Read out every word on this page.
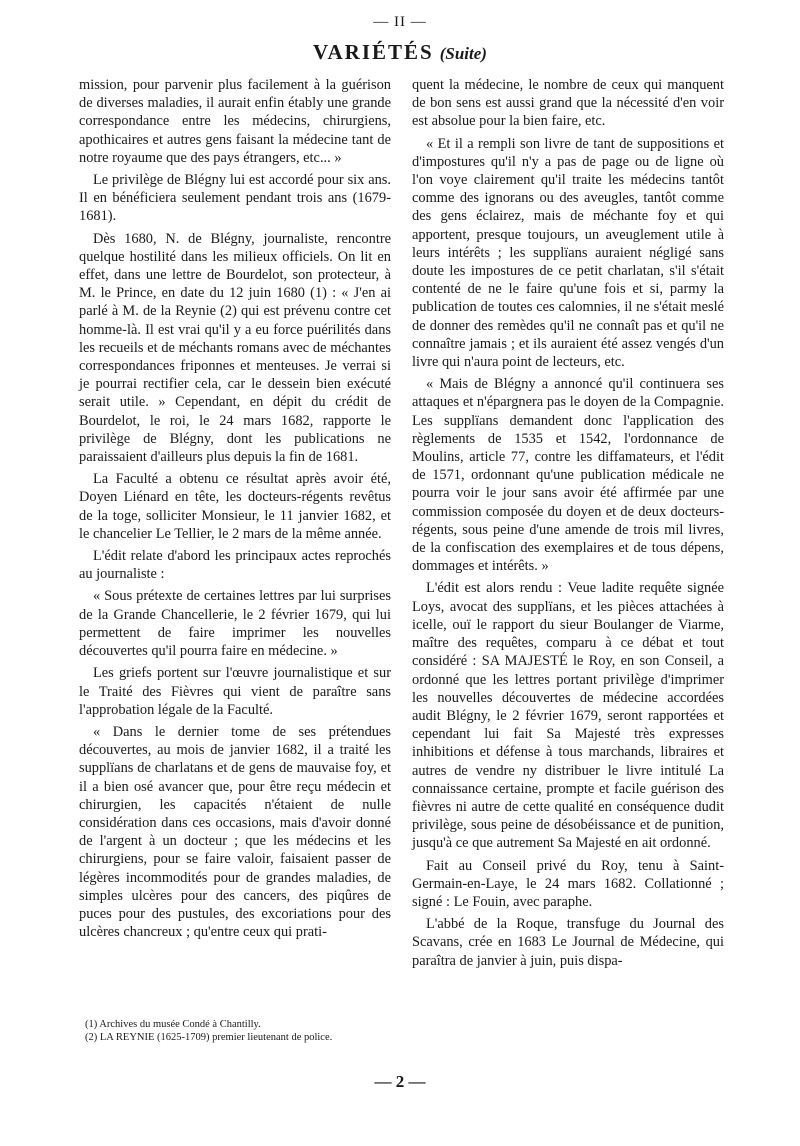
— II —
VARIÉTÉS (Suite)

mission, pour parvenir plus facilement à la guérison de diverses maladies, il aurait enfin étably une grande correspondance entre les médecins, chirurgiens, apothicaires et autres gens faisant la médecine tant de notre royaume que des pays étrangers, etc... »

Le privilège de Blégny lui est accordé pour six ans. Il en bénéficiera seulement pendant trois ans (1679-1681).

Dès 1680, N. de Blégny, journaliste, rencontre quelque hostilité dans les milieux officiels. On lit en effet, dans une lettre de Bourdelot, son protecteur, à M. le Prince, en date du 12 juin 1680 (1) : « J'en ai parlé à M. de la Reynie (2) qui est prévenu contre cet homme-là. Il est vrai qu'il y a eu force puérilités dans les recueils et de méchants romans avec de méchantes correspondances friponnes et menteuses. Je verrai si je pourrai rectifier cela, car le dessein bien exécuté serait utile. » Cependant, en dépit du crédit de Bourdelot, le roi, le 24 mars 1682, rapporte le privilège de Blégny, dont les publications ne paraissaient d'ailleurs plus depuis la fin de 1681.

La Faculté a obtenu ce résultat après avoir été, Doyen Liénard en tête, les docteurs-régents revêtus de la toge, solliciter Monsieur, le 11 janvier 1682, et le chancelier Le Tellier, le 2 mars de la même année.

L'édit relate d'abord les principaux actes reprochés au journaliste :

« Sous prétexte de certaines lettres par lui surprises de la Grande Chancellerie, le 2 février 1679, qui lui permettent de faire imprimer les nouvelles découvertes qu'il pourra faire en médecine. »

Les griefs portent sur l'œuvre journalistique et sur le Traité des Fièvres qui vient de paraître sans l'approbation légale de la Faculté.

« Dans le dernier tome de ses prétendues découvertes, au mois de janvier 1682, il a traité les supplïans de charlatans et de gens de mauvaise foy, et il a bien osé avancer que, pour être reçu médecin et chirurgien, les capacités n'étaient de nulle considération dans ces occasions, mais d'avoir donné de l'argent à un docteur ; que les médecins et les chirurgiens, pour se faire valoir, faisaient passer de légères incommodités pour de grandes maladies, de simples ulcères pour des cancers, des piqûres de puces pour des pustules, des excoriations pour des ulcères chancreux ; qu'entre ceux qui prati-

quent la médecine, le nombre de ceux qui manquent de bon sens est aussi grand que la nécessité d'en voir est absolue pour la bien faire, etc.

« Et il a rempli son livre de tant de suppositions et d'impostures qu'il n'y a pas de page ou de ligne où l'on voye clairement qu'il traite les médecins tantôt comme des ignorans ou des aveugles, tantôt comme des gens éclairez, mais de méchante foy et qui apportent, presque toujours, un aveuglement utile à leurs intérêts ; les supplïans auraient négligé sans doute les impostures de ce petit charlatan, s'il s'était contenté de ne le faire qu'une fois et si, parmy la publication de toutes ces calomnies, il ne s'était meslé de donner des remèdes qu'il ne connaît pas et qu'il ne connaître jamais ; et ils auraient été assez vengés d'un livre qui n'aura point de lecteurs, etc.

« Mais de Blégny a annoncé qu'il continuera ses attaques et n'épargnera pas le doyen de la Compagnie. Les supplïans demandent donc l'application des règlements de 1535 et 1542, l'ordonnance de Moulins, article 77, contre les diffamateurs, et l'édit de 1571, ordonnant qu'une publication médicale ne pourra voir le jour sans avoir été affirmée par une commission composée du doyen et de deux docteurs-régents, sous peine d'une amende de trois mil livres, de la confiscation des exemplaires et de tous dépens, dommages et intérêts. »

L'édit est alors rendu : Veue ladite requête signée Loys, avocat des supplïans, et les pièces attachées à icelle, ouï le rapport du sieur Boulanger de Viarme, maître des requêtes, comparu à ce débat et tout considéré : SA MAJESTÉ le Roy, en son Conseil, a ordonné que les lettres portant privilège d'imprimer les nouvelles découvertes de médecine accordées audit Blégny, le 2 février 1679, seront rapportées et cependant lui fait Sa Majesté très expresses inhibitions et défense à tous marchands, libraires et autres de vendre ny distribuer le livre intitulé La connaissance certaine, prompte et facile guérison des fièvres ni autre de cette qualité en conséquence dudit privilège, sous peine de désobéissance et de punition, jusqu'à ce que autrement Sa Majesté en ait ordonné.

Fait au Conseil privé du Roy, tenu à Saint-Germain-en-Laye, le 24 mars 1682. Collationné ; signé : Le Fouin, avec paraphe.

L'abbé de la Roque, transfuge du Journal des Scavans, crée en 1683 Le Journal de Médecine, qui paraîtra de janvier à juin, puis dispa-

(1) Archives du musée Condé à Chantilly.

(2) LA REYNIE (1625-1709) premier lieutenant de police.

— 2 —
